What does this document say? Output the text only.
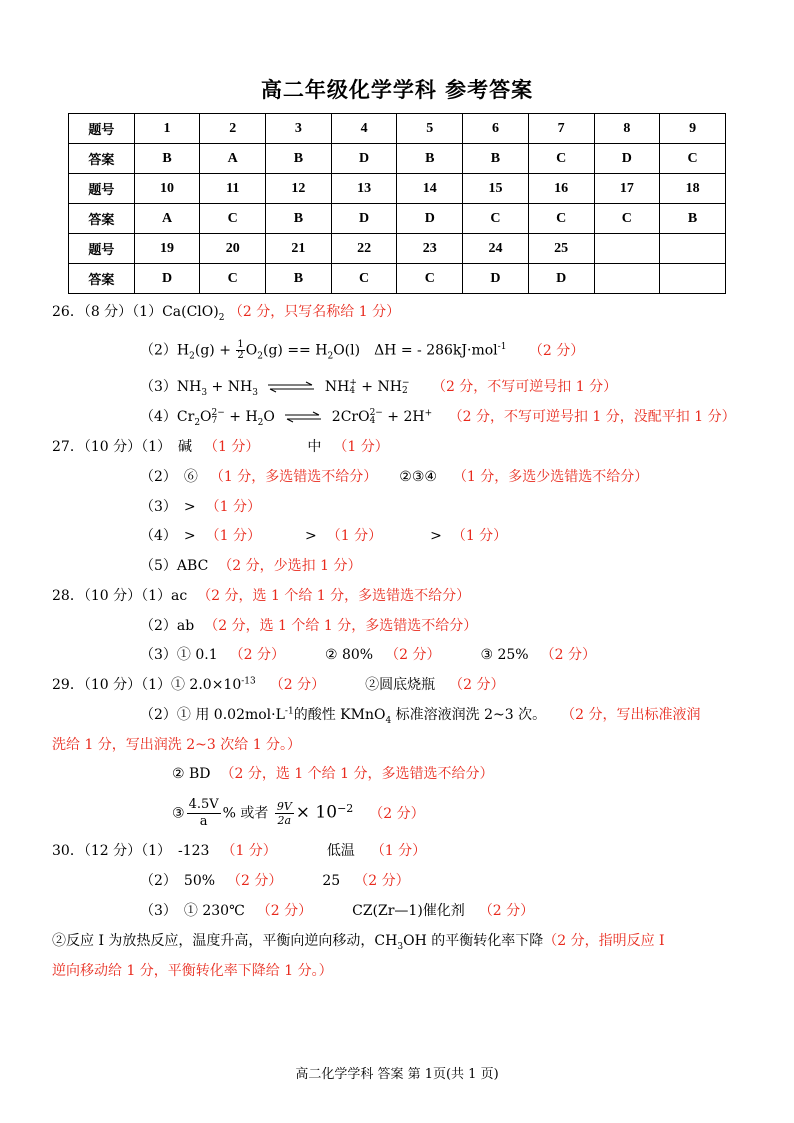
高二年级化学学科 参考答案
题号	1	2	3	4	5	6	7	8	9
答案	B	A	B	D	B	B	C	D	C
题号	10	11	12	13	14	15	16	17	18
答案	A	C	B	D	D	C	C	C	B
题号	19	20	21	22	23	24	25		
答案	D	C	B	C	C	D	D		
26．（8 分）$(1)Ca(ClO)_2$ （2 分，只写名称给 1 分）
$(2)H_2(g) + \frac{1}{2} O_2(g) == H_2O(l)$　ΔH = - 286kJ·mol$^{-1}$ （2 分）
$(3)NH_3 + NH_3$ ⇌ NH +
4 + NH −
2 （2 分，不写可逆号扣 1 分）
$(4)Cr_2O$ 2−
$7 + H_2O$ ⇌ 2CrO 2−
4 + 2H+ （2 分，不写可逆号扣 1 分，没配平扣 1 分）
27．（10 分）（1）　碱 （1 分）	中 （1 分）
（2）　⑥ （1 分，多选错选不给分） ②③④ （1 分，多选少选错选不给分）
（3）　> （1 分）
（4）　> （1 分）	> （1 分）	> （1 分）
（5）ABC （2 分，少选扣 1 分）
28．（10 分）（1）ac （2 分，选 1 个给 1 分，多选错选不给分）
（2）ab （2 分，选 1 个给 1 分，多选错选不给分）
（3）① 0.1 （2 分）	② 80% （2 分）	③ 25% （2 分）
29．（10 分）（1）① $2.0\times 10^{-13}$ （2 分）	②圆底烧瓶 （2 分）
（2）① 用 $0.02mol\cdot L^{-1}$的酸性 KMnO$_4$ 标准溶液润洗 2~3 次。 （2 分，写出标准液润
洗给 1 分，写出润洗 2~3 次给 1 分。）
② BD （2 分，选 1 个给 1 分，多选错选不给分）
③ $\frac{4.5V}{a}$ % 或者 $\frac{9V}{2a} \times 10^{-2}$ （2 分）
30．（12 分）（1）　-123 （1 分）	低温 （1 分）
（2）　50% （2 分）	25 （2 分）
（3）　① 230℃ （2 分）	CZ(Zr—1)催化剂 （2 分）
②反应 I 为放热反应，温度升高，平衡向逆向移动，$CH_3OH$ 的平衡转化率下降（2 分，指明反应 I
逆向移动给 1 分，平衡转化率下降给 1 分。）
高二化学学科 答案 第 1页(共 1 页)
